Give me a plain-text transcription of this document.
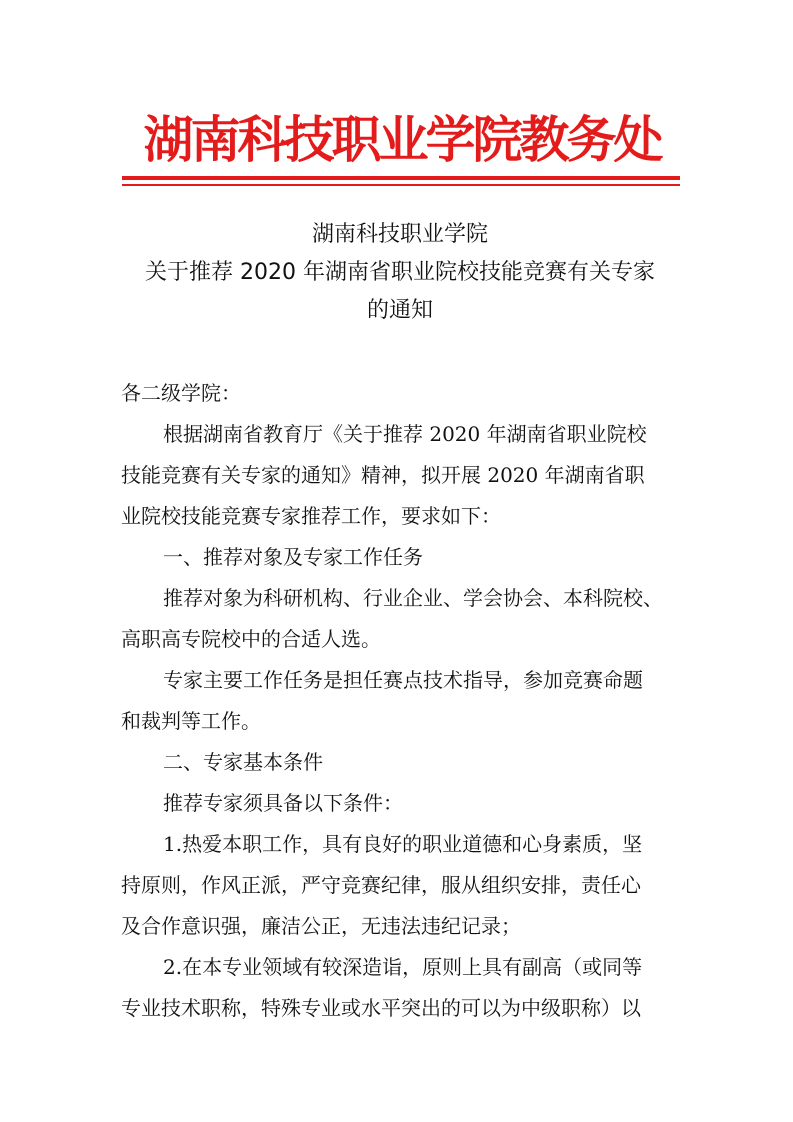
湖南科技职业学院教务处
湖南科技职业学院
关于推荐 2020 年湖南省职业院校技能竞赛有关专家
的通知

各二级学院：

根据湖南省教育厅《关于推荐 2020 年湖南省职业院校

技能竞赛有关专家的通知》精神，拟开展 2020 年湖南省职

业院校技能竞赛专家推荐工作，要求如下：

一、推荐对象及专家工作任务

推荐对象为科研机构、行业企业、学会协会、本科院校、

高职高专院校中的合适人选。

专家主要工作任务是担任赛点技术指导，参加竞赛命题

和裁判等工作。

二、专家基本条件

推荐专家须具备以下条件：

1.热爱本职工作，具有良好的职业道德和心身素质，坚

持原则，作风正派，严守竞赛纪律，服从组织安排，责任心

及合作意识强，廉洁公正，无违法违纪记录；

2.在本专业领域有较深造诣，原则上具有副高（或同等

专业技术职称，特殊专业或水平突出的可以为中级职称）以
